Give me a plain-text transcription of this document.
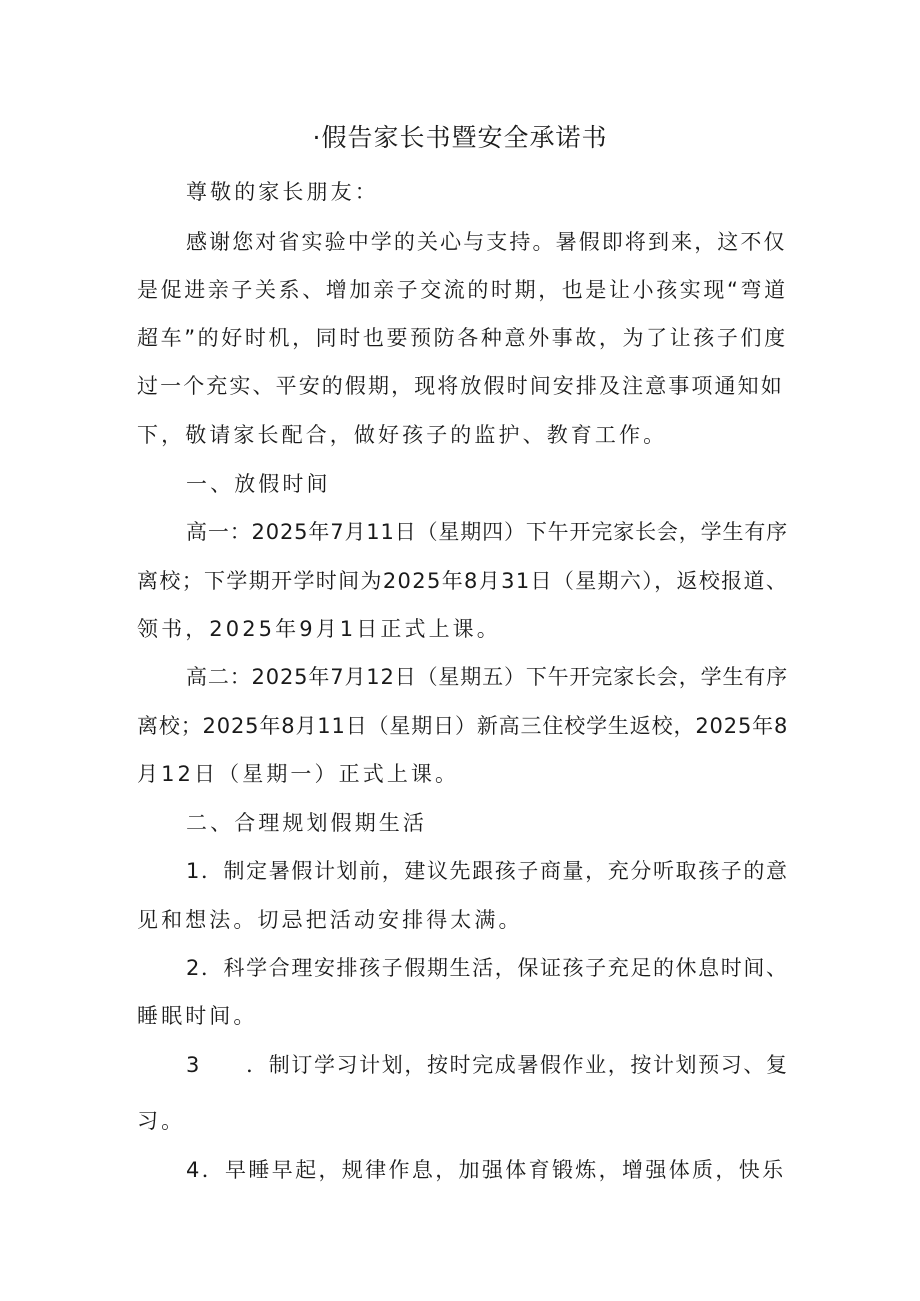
·假告家长书暨安全承诺书
尊敬的家长朋友：
感谢您对省实验中学的关心与支持。暑假即将到来，这不仅
是促进亲子关系、增加亲子交流的时期，也是让小孩实现“弯道
超车”的好时机，同时也要预防各种意外事故，为了让孩子们度
过一个充实、平安的假期，现将放假时间安排及注意事项通知如
下，敬请家长配合，做好孩子的监护、教育工作。
一、放假时间
高一：2025年7月11日（星期四）下午开完家长会，学生有序
离校；下学期开学时间为2025年8月31日（星期六），返校报道、
领书，2025年9月1日正式上课。
高二：2025年7月12日（星期五）下午开完家长会，学生有序
离校；2025年8月11日（星期日）新高三住校学生返校，2025年8
月12日（星期一）正式上课。
二、合理规划假期生活
1．制定暑假计划前，建议先跟孩子商量，充分听取孩子的意
见和想法。切忌把活动安排得太满。
2．科学合理安排孩子假期生活，保证孩子充足的休息时间、
睡眠时间。
3　　．制订学习计划，按时完成暑假作业，按计划预习、复
习。
4．早睡早起，规律作息，加强体育锻炼，增强体质，快乐
